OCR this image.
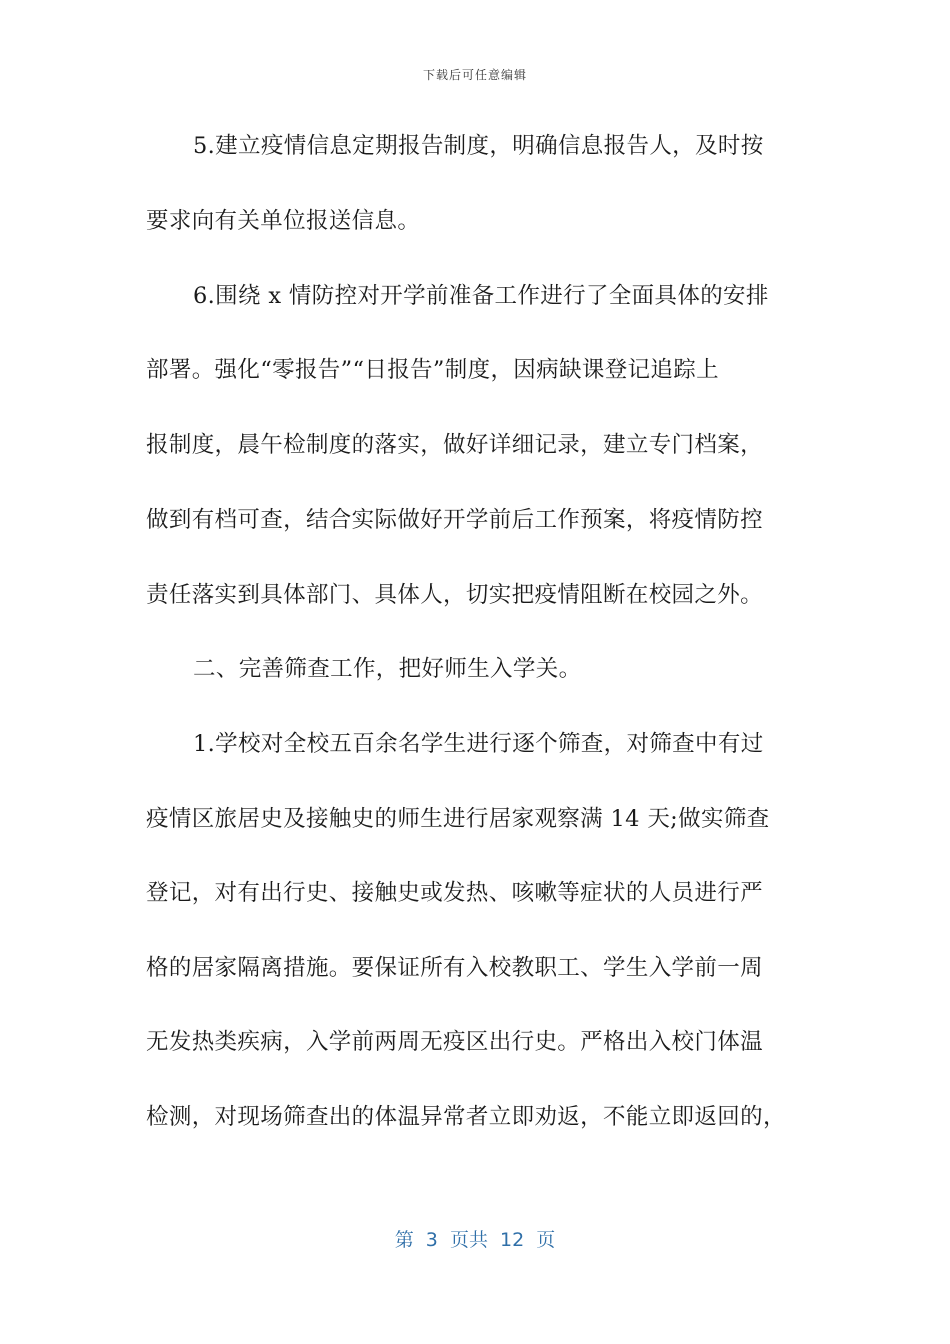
下载后可任意编辑
5.建立疫情信息定期报告制度，明确信息报告人，及时按
要求向有关单位报送信息。
6.围绕 x 情防控对开学前准备工作进行了全面具体的安排
部署。强化“零报告”“日报告”制度，因病缺课登记追踪上
报制度，晨午检制度的落实，做好详细记录，建立专门档案，
做到有档可查，结合实际做好开学前后工作预案，将疫情防控
责任落实到具体部门、具体人，切实把疫情阻断在校园之外。
二、完善筛查工作，把好师生入学关。
1.学校对全校五百余名学生进行逐个筛查，对筛查中有过
疫情区旅居史及接触史的师生进行居家观察满 14 天;做实筛查
登记，对有出行史、接触史或发热、咳嗽等症状的人员进行严
格的居家隔离措施。要保证所有入校教职工、学生入学前一周
无发热类疾病，入学前两周无疫区出行史。严格出入校门体温
检测，对现场筛查出的体温异常者立即劝返，不能立即返回的，
第  3  页共  12  页
